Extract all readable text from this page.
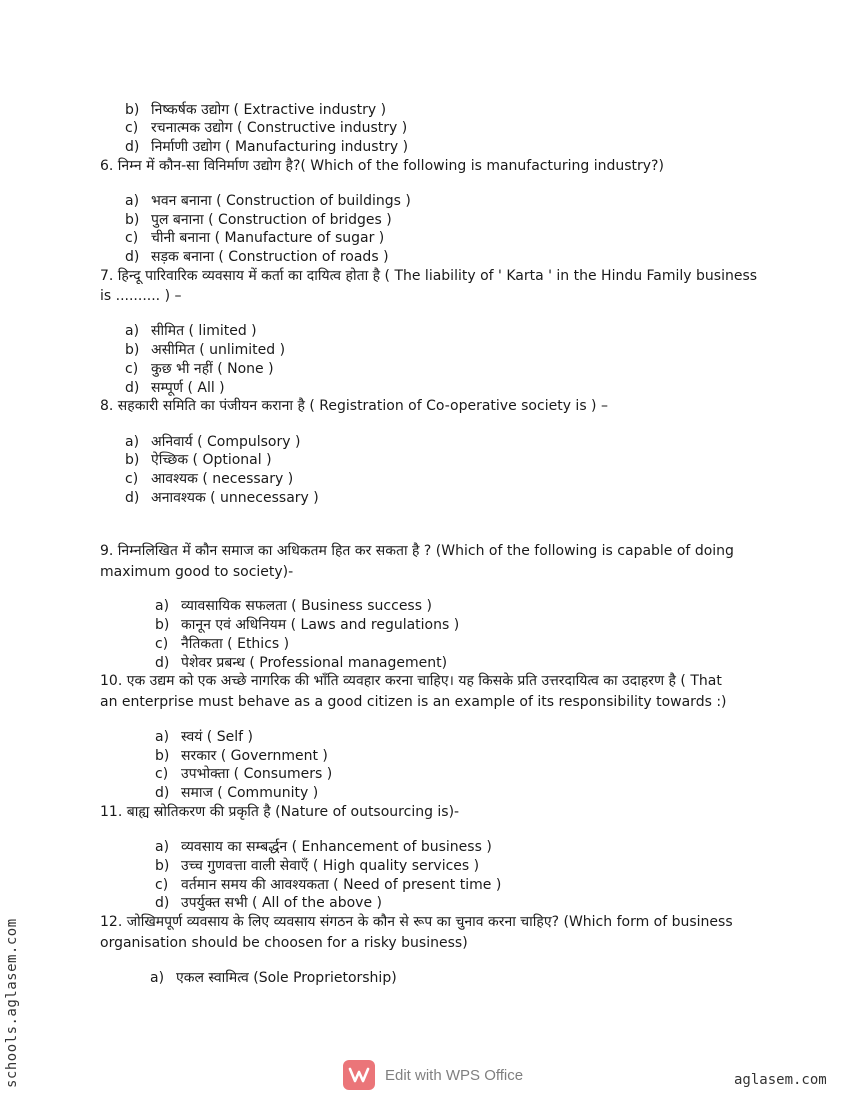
b) निष्कर्षक उद्योग ( Extractive industry )
c) रचनात्मक उद्योग ( Constructive industry )
d) निर्माणी उद्योग ( Manufacturing industry )
6. निम्न में कौन-सा विनिर्माण उद्योग है?( Which of the following is manufacturing industry?)
a) भवन बनाना ( Construction of buildings )
b) पुल बनाना ( Construction of bridges )
c) चीनी बनाना ( Manufacture of sugar )
d) सड़क बनाना ( Construction of roads )
7. हिन्दू पारिवारिक व्यवसाय में कर्ता का दायित्व होता है ( The liability of ' Karta ' in the Hindu Family business
is .......... ) –
a) सीमित ( limited )
b) असीमित ( unlimited )
c) कुछ भी नहीं ( None )
d) सम्पूर्ण ( All )
8. सहकारी समिति का पंजीयन कराना है ( Registration of Co-operative society is ) –
a) अनिवार्य ( Compulsory )
b) ऐच्छिक ( Optional )
c) आवश्यक ( necessary )
d) अनावश्यक ( unnecessary )
9. निम्नलिखित में कौन समाज का अधिकतम हित कर सकता है ? (Which of the following is capable of doing
maximum good to society)-
a) व्यावसायिक सफलता ( Business success )
b) कानून एवं अधिनियम ( Laws and regulations )
c) नैतिकता ( Ethics )
d) पेशेवर प्रबन्ध ( Professional management)
10. एक उद्यम को एक अच्छे नागरिक की भाँति व्यवहार करना चाहिए। यह किसके प्रति उत्तरदायित्व का उदाहरण है ( That
an enterprise must behave as a good citizen is an example of its responsibility towards :)
a) स्वयं ( Self )
b) सरकार ( Government )
c) उपभोक्ता ( Consumers )
d) समाज ( Community )
11. बाह्य स्रोतिकरण की प्रकृति है (Nature of outsourcing is)-
a) व्यवसाय का सम्बर्द्धन ( Enhancement of business )
b) उच्च गुणवत्ता वाली सेवाएँ ( High quality services )
c) वर्तमान समय की आवश्यकता ( Need of present time )
d) उपर्युक्त सभी ( All of the above )
12. जोखिमपूर्ण व्यवसाय के लिए व्यवसाय संगठन के कौन से रूप का चुनाव करना चाहिए? (Which form of business
organisation should be choosen for a risky business)
a) एकल स्वामित्व (Sole Proprietorship)
schools.aglasem.com	aglasem.com
Edit with WPS Office
